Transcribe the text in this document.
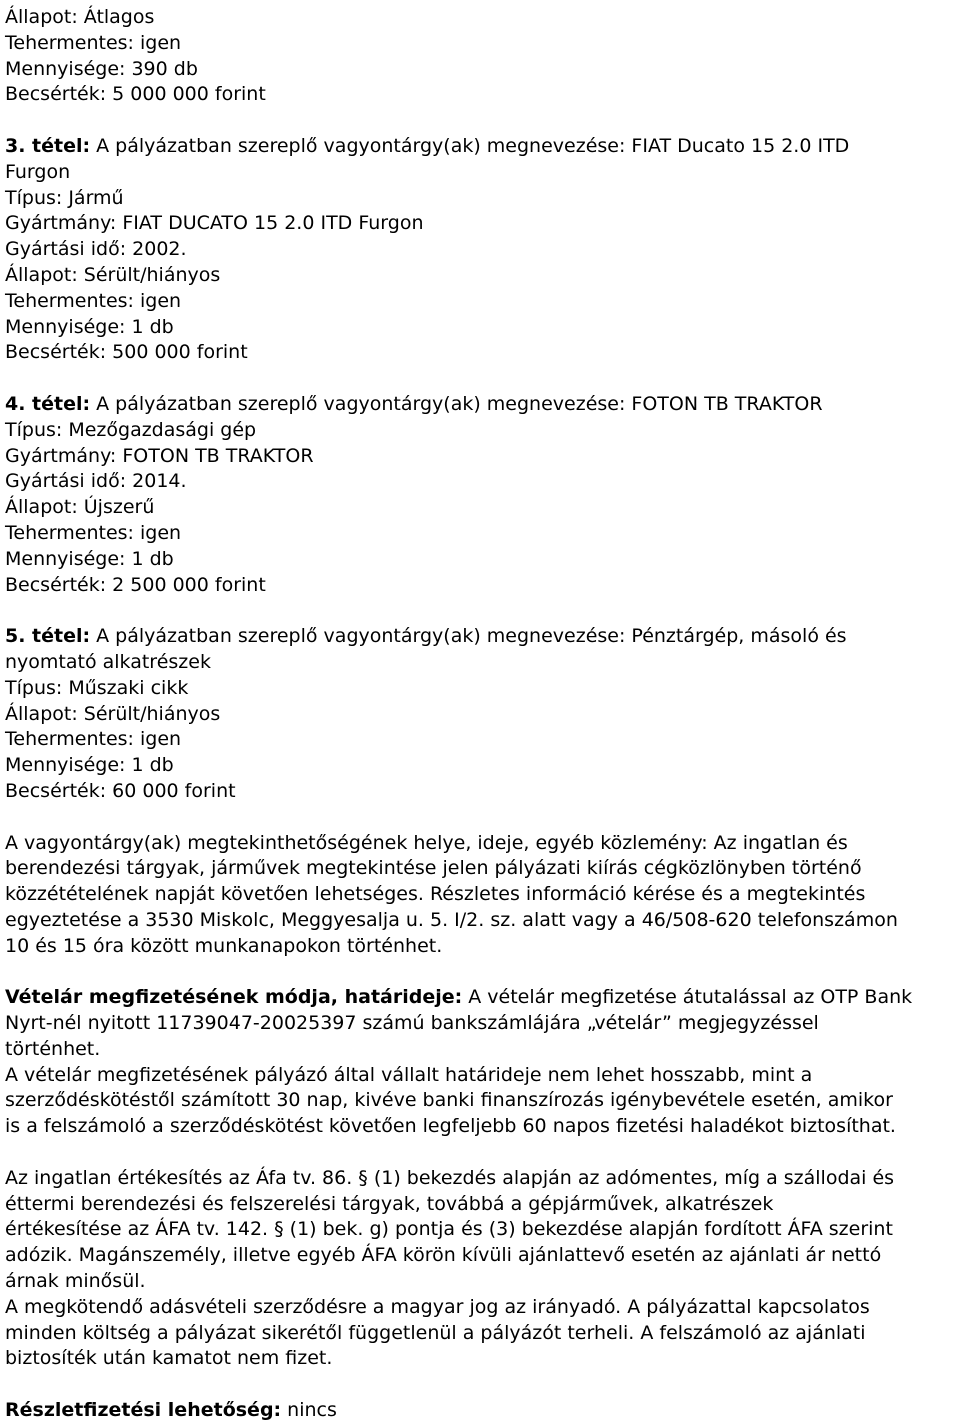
Állapot: Átlagos

Tehermentes: igen

Mennyisége: 390 db

Becsérték: 5 000 000 forint

3. tétel: A pályázatban szereplő vagyontárgy(ak) megnevezése: FIAT Ducato 15 2.0 ITD

Furgon

Típus: Jármű

Gyártmány: FIAT DUCATO 15 2.0 ITD Furgon

Gyártási idő: 2002.

Állapot: Sérült/hiányos

Tehermentes: igen

Mennyisége: 1 db

Becsérték: 500 000 forint

4. tétel: A pályázatban szereplő vagyontárgy(ak) megnevezése: FOTON TB TRAKTOR

Típus: Mezőgazdasági gép

Gyártmány: FOTON TB TRAKTOR

Gyártási idő: 2014.

Állapot: Újszerű

Tehermentes: igen

Mennyisége: 1 db

Becsérték: 2 500 000 forint

5. tétel: A pályázatban szereplő vagyontárgy(ak) megnevezése: Pénztárgép, másoló és

nyomtató alkatrészek

Típus: Műszaki cikk

Állapot: Sérült/hiányos

Tehermentes: igen

Mennyisége: 1 db

Becsérték: 60 000 forint

A vagyontárgy(ak) megtekinthetőségének helye, ideje, egyéb közlemény: Az ingatlan és

berendezési tárgyak, járművek megtekintése jelen pályázati kiírás cégközlönyben történő

közzétételének napját követően lehetséges. Részletes információ kérése és a megtekintés

egyeztetése a 3530 Miskolc, Meggyesalja u. 5. I/2. sz. alatt vagy a 46/508-620 telefonszámon

10 és 15 óra között munkanapokon történhet.

Vételár megfizetésének módja, határideje: A vételár megfizetése átutalással az OTP Bank

Nyrt-nél nyitott 11739047-20025397 számú bankszámlájára „vételár” megjegyzéssel

történhet.

A vételár megfizetésének pályázó által vállalt határideje nem lehet hosszabb, mint a

szerződéskötéstől számított 30 nap, kivéve banki finanszírozás igénybevétele esetén, amikor

is a felszámoló a szerződéskötést követően legfeljebb 60 napos fizetési haladékot biztosíthat.

Az ingatlan értékesítés az Áfa tv. 86. § (1) bekezdés alapján az adómentes, míg a szállodai és

éttermi berendezési és felszerelési tárgyak, továbbá a gépjárművek, alkatrészek

értékesítése az ÁFA tv. 142. § (1) bek. g) pontja és (3) bekezdése alapján fordított ÁFA szerint

adózik. Magánszemély, illetve egyéb ÁFA körön kívüli ajánlattevő esetén az ajánlati ár nettó

árnak minősül.

A megkötendő adásvételi szerződésre a magyar jog az irányadó. A pályázattal kapcsolatos

minden költség a pályázat sikerétől függetlenül a pályázót terheli. A felszámoló az ajánlati

biztosíték után kamatot nem fizet.

Részletfizetési lehetőség: nincs
